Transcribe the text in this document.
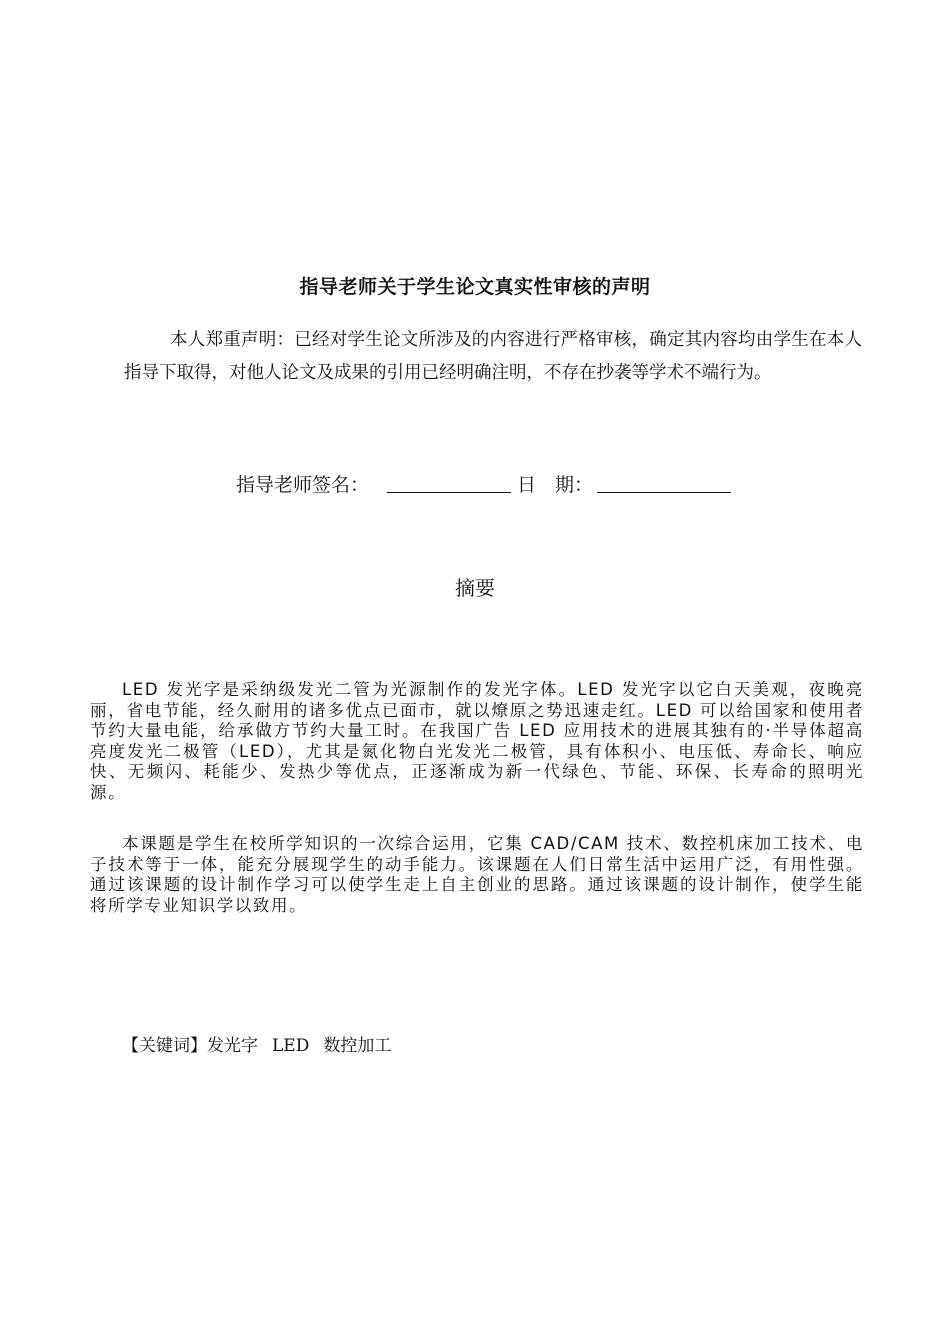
指导老师关于学生论文真实性审核的声明

本人郑重声明：已经对学生论文所涉及的内容进行严格审核，确定其内容均由学生在本人指导下取得，对他人论文及成果的引用已经明确注明，不存在抄袭等学术不端行为。

指导老师签名：	日　期：
摘要

LED 发光字是采纳级发光二管为光源制作的发光字体。LED 发光字以它白天美观，夜晚亮丽，省电节能，经久耐用的诸多优点已面市，就以燎原之势迅速走红。LED 可以给国家和使用者节约大量电能，给承做方节约大量工时。在我国广告 LED 应用技术的进展其独有的·半导体超高亮度发光二极管（LED），尤其是氮化物白光发光二极管，具有体积小、电压低、寿命长、响应快、无频闪、耗能少、发热少等优点，正逐渐成为新一代绿色、节能、环保、长寿命的照明光源。

本课题是学生在校所学知识的一次综合运用，它集 CAD/CAM 技术、数控机床加工技术、电子技术等于一体，能充分展现学生的动手能力。该课题在人们日常生活中运用广泛，有用性强。通过该课题的设计制作学习可以使学生走上自主创业的思路。通过该课题的设计制作，使学生能将所学专业知识学以致用。

【关键词】发光字 LED 数控加工
